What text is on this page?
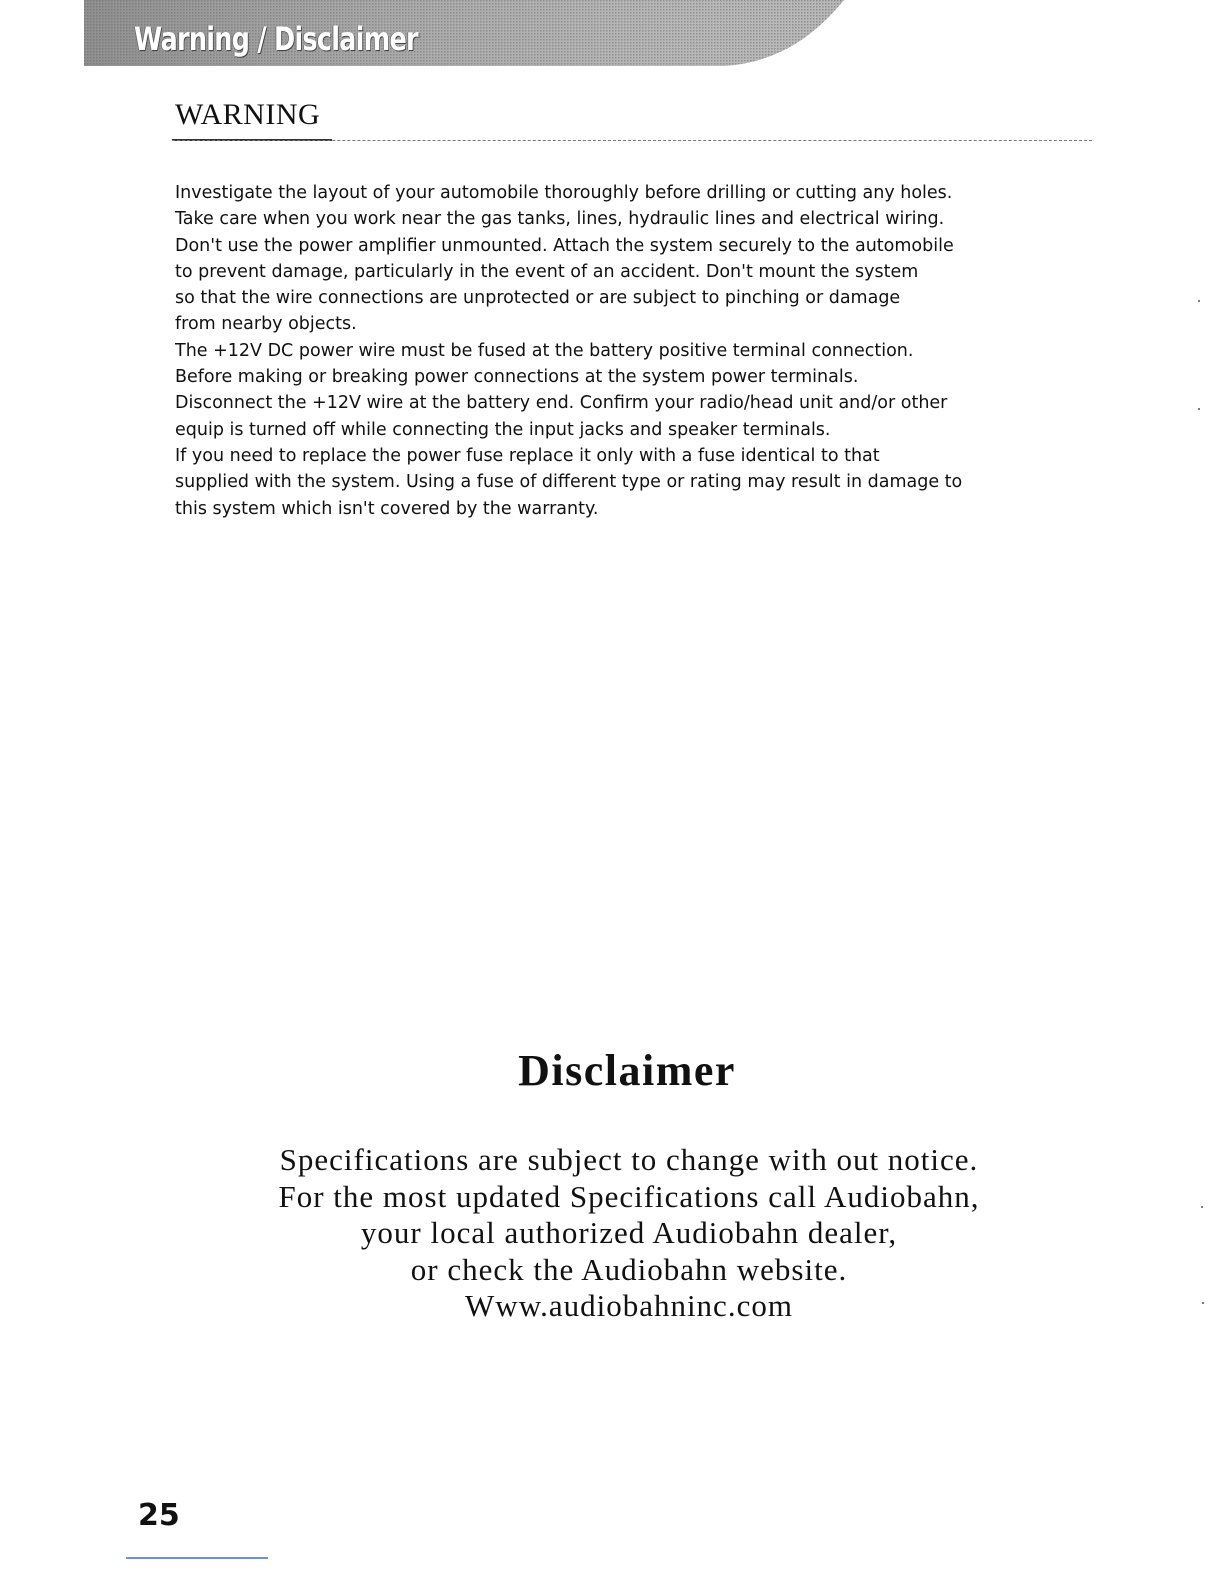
Warning / Disclaimer
WARNING
Investigate the layout of your automobile thoroughly before drilling or cutting any holes.
Take care when you work near the gas tanks, lines, hydraulic lines and electrical wiring.
Don't use the power amplifier unmounted. Attach the system securely to the automobile
to prevent damage, particularly in the event of an accident. Don't mount the system
so that the wire connections are unprotected or are subject to pinching or damage
from nearby objects.
The +12V DC power wire must be fused at the battery positive terminal connection.
Before making or breaking power connections at the system power terminals.
Disconnect the +12V wire at the battery end. Confirm your radio/head unit and/or other
equip is turned off while connecting the input jacks and speaker terminals.
If you need to replace the power fuse replace it only with a fuse identical to that
supplied with the system. Using a fuse of different type or rating may result in damage to
this system which isn't covered by the warranty.
Disclaimer
Specifications are subject to change with out notice.
For the most updated Specifications call Audiobahn,
your local authorized Audiobahn dealer,
or check the Audiobahn website.
Www.audiobahninc.com
25
